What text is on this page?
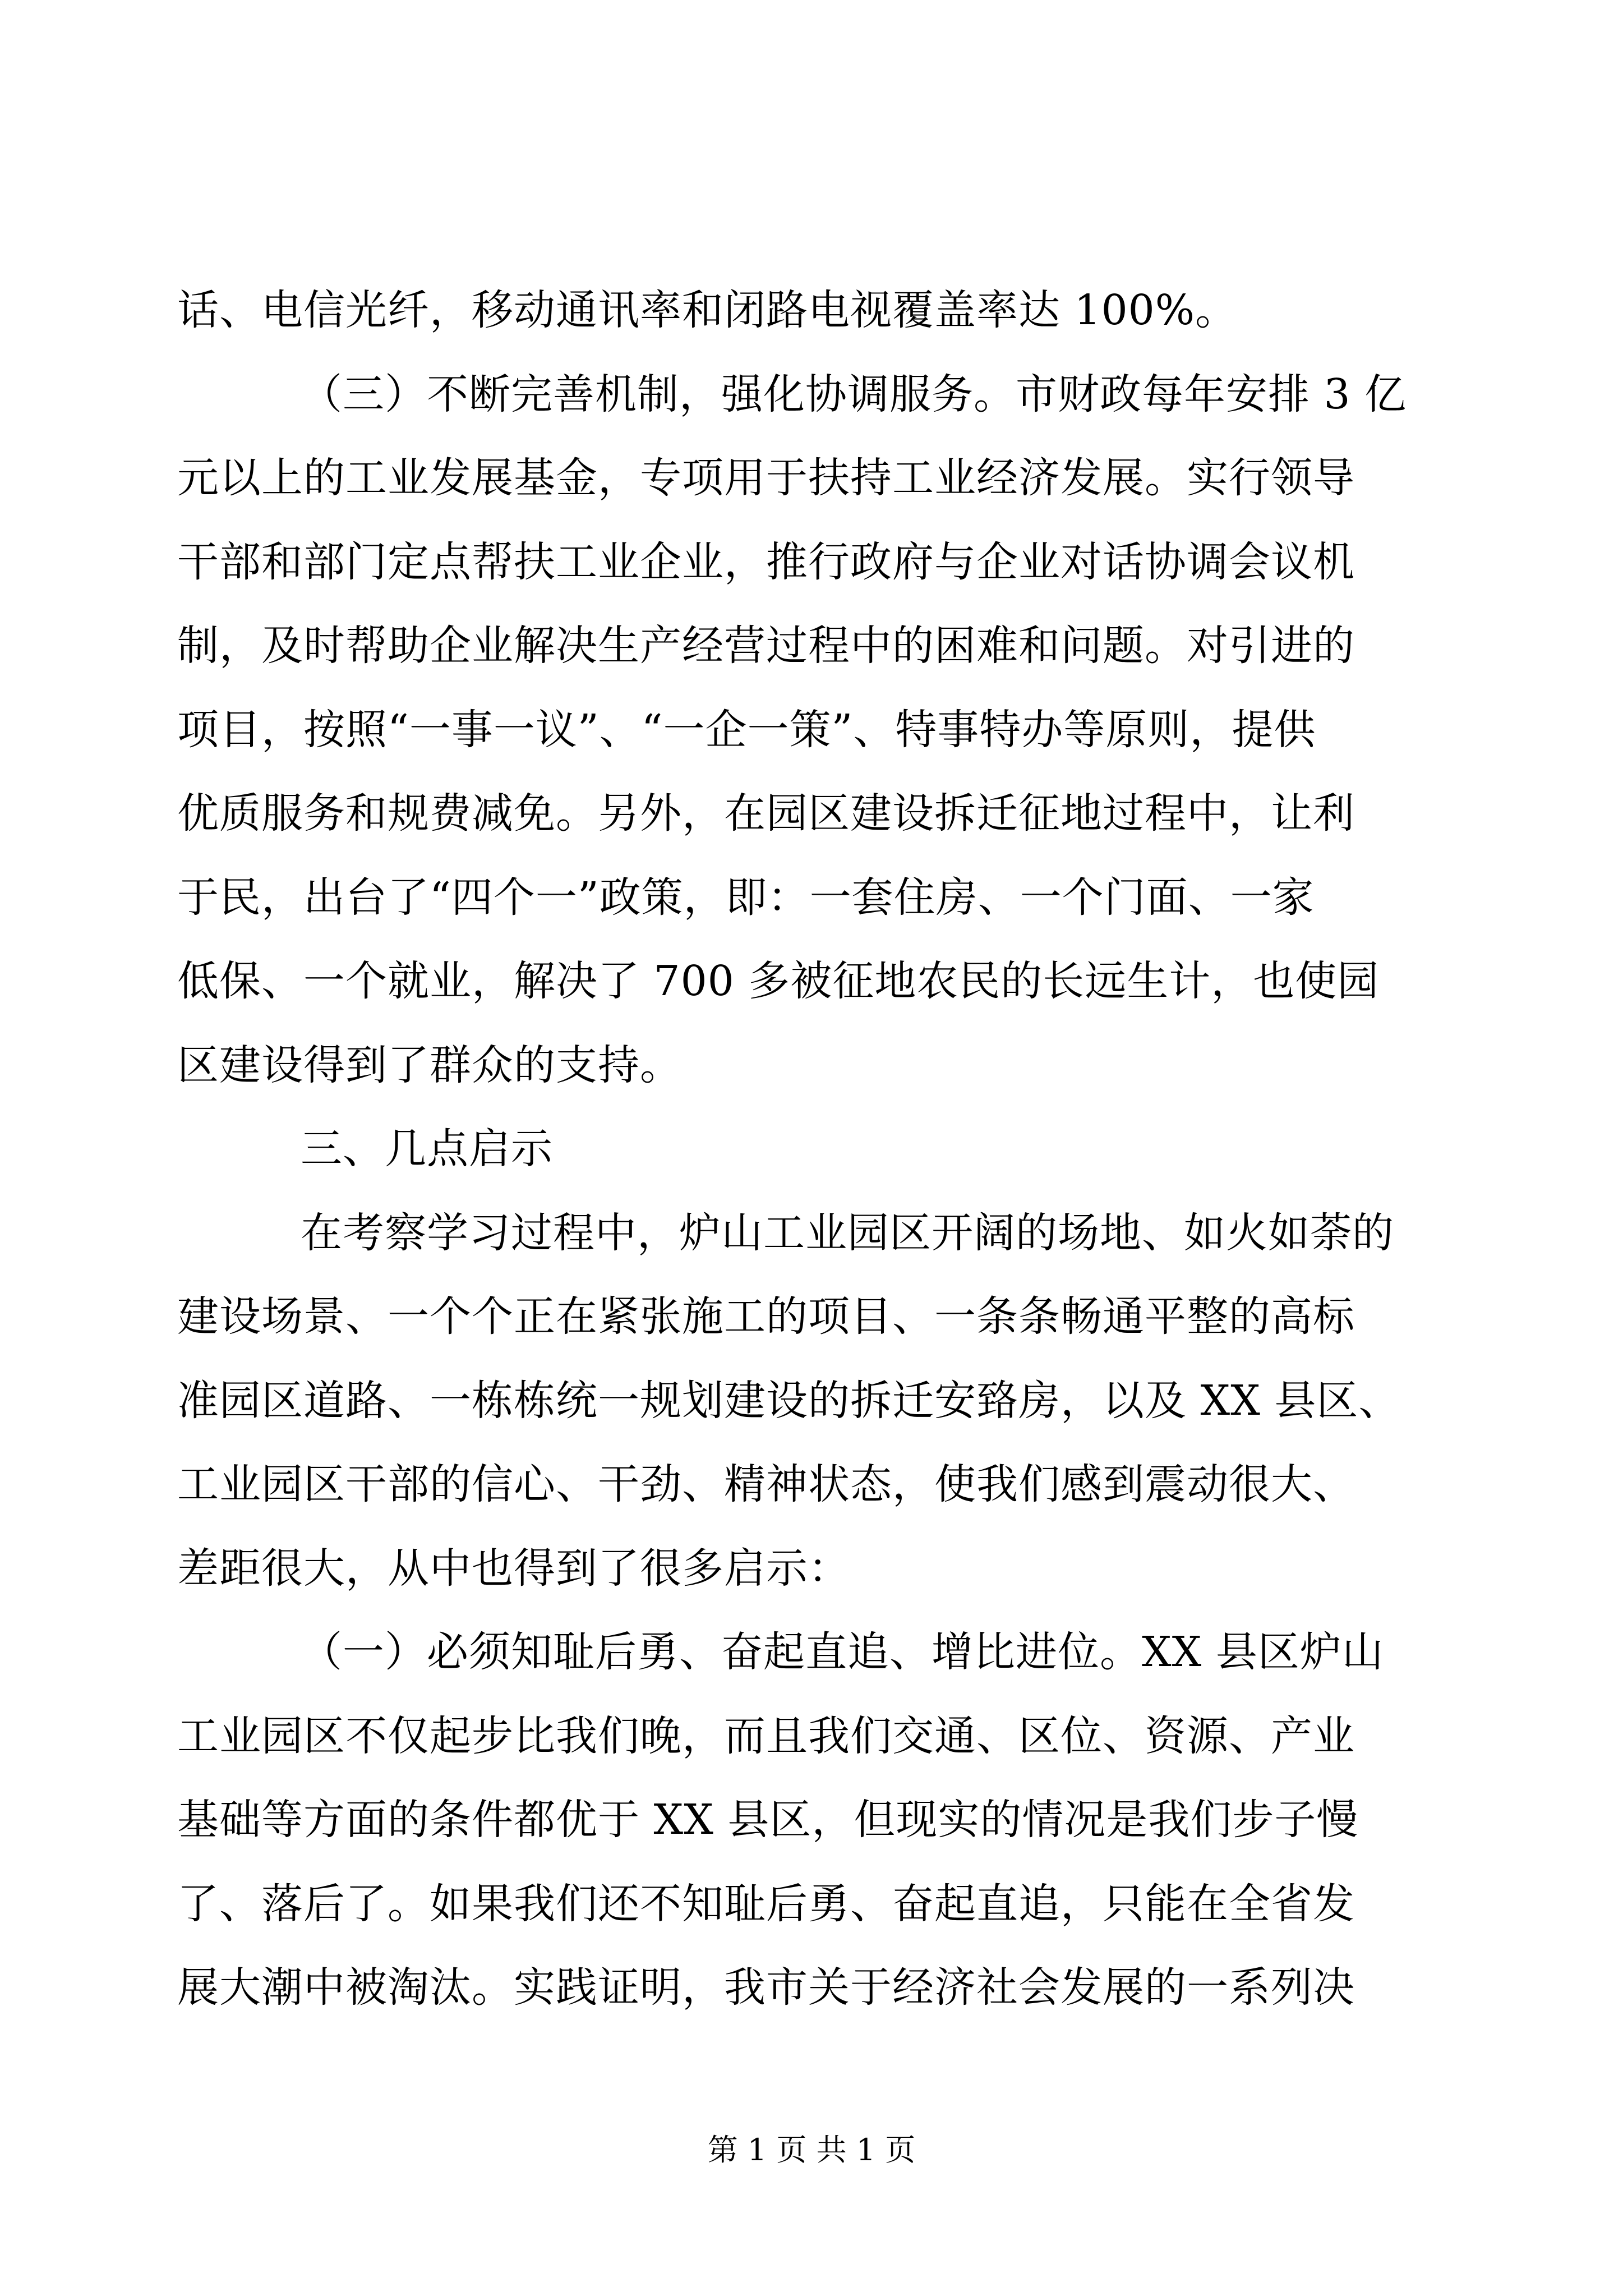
话、电信光纤，移动通讯率和闭路电视覆盖率达 100%。
（三）不断完善机制，强化协调服务。市财政每年安排 3 亿
元以上的工业发展基金，专项用于扶持工业经济发展。实行领导
干部和部门定点帮扶工业企业，推行政府与企业对话协调会议机
制，及时帮助企业解决生产经营过程中的困难和问题。对引进的
项目，按照“一事一议”、“一企一策”、特事特办等原则，提供
优质服务和规费减免。另外，在园区建设拆迁征地过程中，让利
于民，出台了“四个一”政策，即：一套住房、一个门面、一家
低保、一个就业，解决了 700 多被征地农民的长远生计，也使园
区建设得到了群众的支持。
三、几点启示
在考察学习过程中，炉山工业园区开阔的场地、如火如荼的
建设场景、一个个正在紧张施工的项目、一条条畅通平整的高标
准园区道路、一栋栋统一规划建设的拆迁安臵房，以及 XX 县区、
工业园区干部的信心、干劲、精神状态，使我们感到震动很大、
差距很大，从中也得到了很多启示：
（一）必须知耻后勇、奋起直追、增比进位。XX 县区炉山
工业园区不仅起步比我们晚，而且我们交通、区位、资源、产业
基础等方面的条件都优于 XX 县区，但现实的情况是我们步子慢
了、落后了。如果我们还不知耻后勇、奋起直追，只能在全省发
展大潮中被淘汰。实践证明，我市关于经济社会发展的一系列决
第 1 页 共 1 页
